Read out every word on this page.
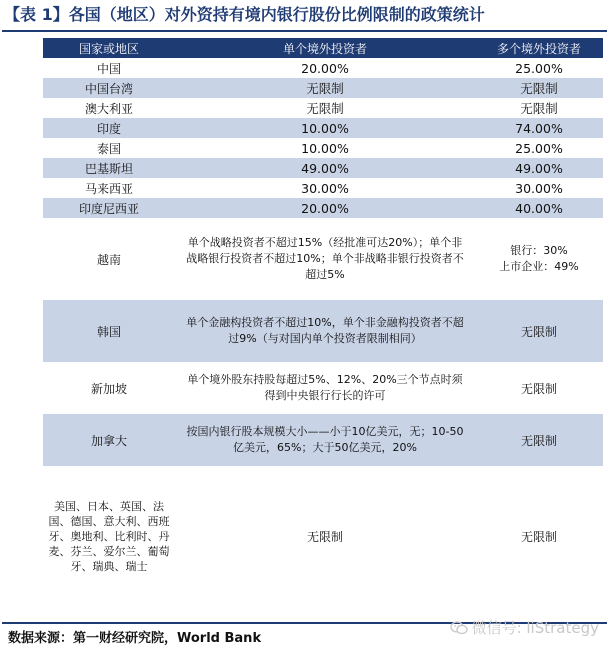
【表 1】各国（地区）对外资持有境内银行股份比例限制的政策统计
国家或地区	单个境外投资者	多个境外投资者
中国	20.00%	25.00%
中国台湾	无限制	无限制
澳大利亚	无限制	无限制
印度	10.00%	74.00%
泰国	10.00%	25.00%
巴基斯坦	49.00%	49.00%
马来西亚	30.00%	30.00%
印度尼西亚	20.00%	40.00%
越南	单个战略投资者不超过15%（经批准可达20%）；单个非战略银行投资者不超过10%；单个非战略非银行投资者不超过5%	银行：30%
上市企业：49%

韩国	单个金融构投资者不超过10%，单个非金融构投资者不超过9%（与对国内单个投资者限制相同）	无限制
新加坡	单个境外股东持股每超过5%、12%、20%三个节点时须得到中央银行行长的许可	无限制
加拿大	按国内银行股本规模大小——小于10亿美元，无；10-50亿美元，65%；大于50亿美元，20%	无限制
美国、日本、英国、法国、德国、意大利、西班牙、奥地利、比利时、丹麦、芬兰、爱尔兰、葡萄牙、瑞典、瑞士	无限制	无限制
数据来源：第一财经研究院，World Bank
微信号: liStrategy
